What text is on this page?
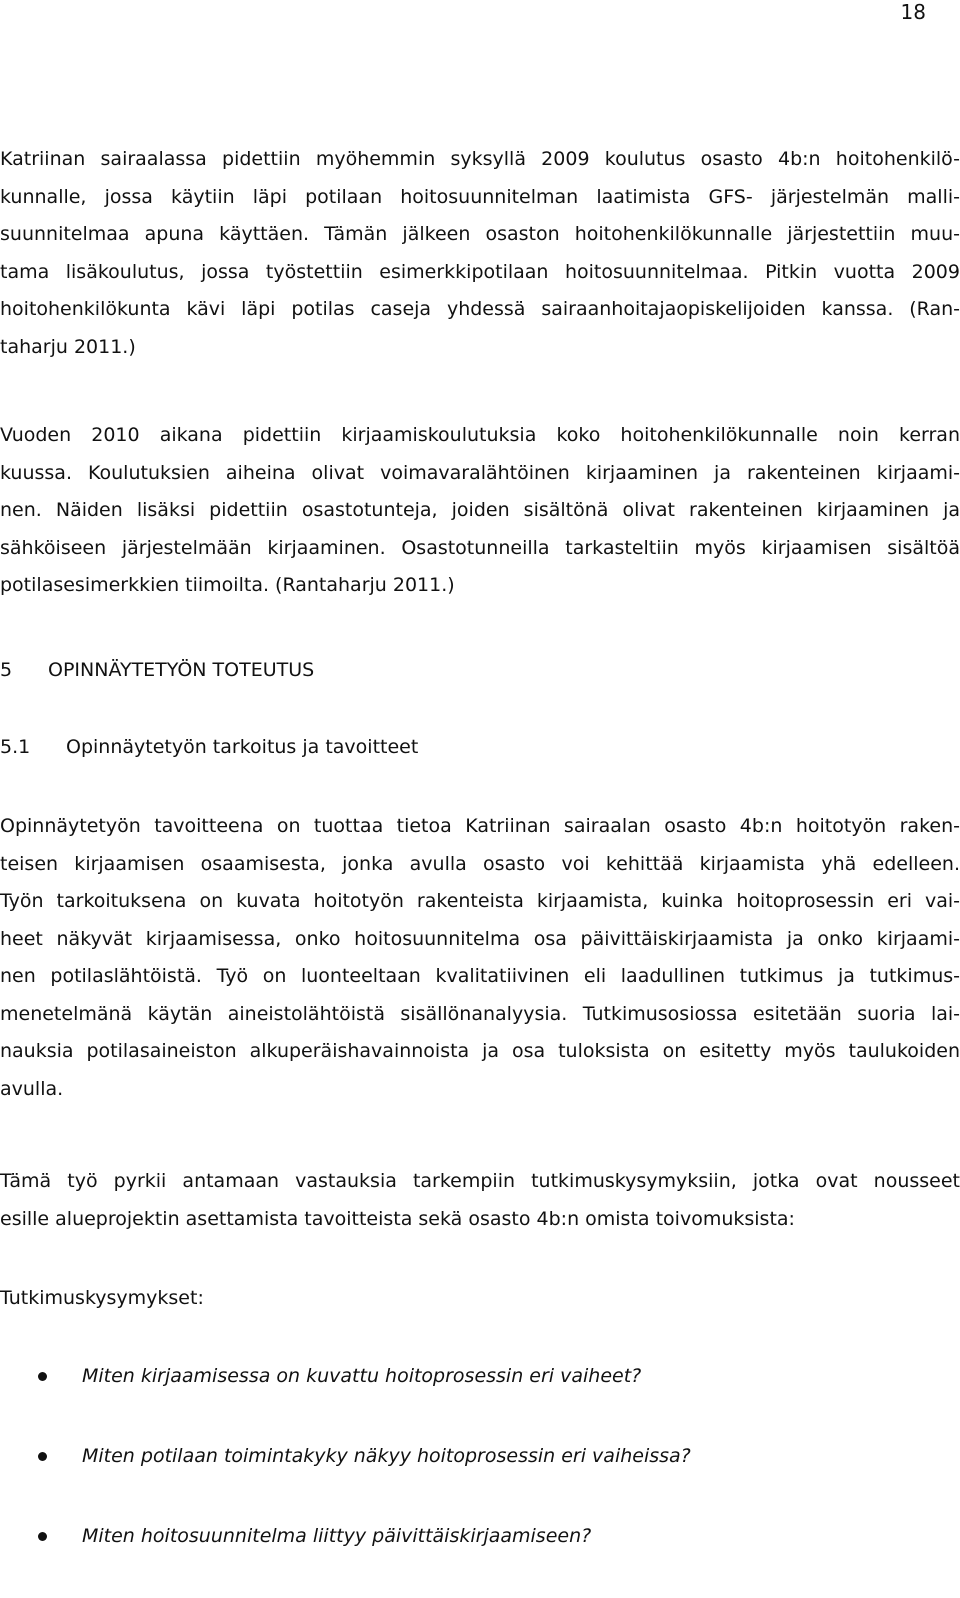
18

Katriinan sairaalassa pidettiin myöhemmin syksyllä 2009 koulutus osasto 4b:n hoitohenkilö-
kunnalle, jossa käytiin läpi potilaan hoitosuunnitelman laatimista GFS- järjestelmän malli-
suunnitelmaa apuna käyttäen. Tämän jälkeen osaston hoitohenkilökunnalle järjestettiin muu-
tama lisäkoulutus, jossa työstettiin esimerkkipotilaan hoitosuunnitelmaa. Pitkin vuotta 2009
hoitohenkilökunta kävi läpi potilas caseja yhdessä sairaanhoitajaopiskelijoiden kanssa. (Ran-
taharju 2011.)

Vuoden 2010 aikana pidettiin kirjaamiskoulutuksia koko hoitohenkilökunnalle noin kerran
kuussa. Koulutuksien aiheina olivat voimavaralähtöinen kirjaaminen ja rakenteinen kirjaami-
nen. Näiden lisäksi pidettiin osastotunteja, joiden sisältönä olivat rakenteinen kirjaaminen ja
sähköiseen järjestelmään kirjaaminen. Osastotunneilla tarkasteltiin myös kirjaamisen sisältöä
potilasesimerkkien tiimoilta. (Rantaharju 2011.)

5 OPINNÄYTETYÖN TOTEUTUS
5.1 Opinnäytetyön tarkoitus ja tavoitteet

Opinnäytetyön tavoitteena on tuottaa tietoa Katriinan sairaalan osasto 4b:n hoitotyön raken-
teisen kirjaamisen osaamisesta, jonka avulla osasto voi kehittää kirjaamista yhä edelleen.
Työn tarkoituksena on kuvata hoitotyön rakenteista kirjaamista, kuinka hoitoprosessin eri vai-
heet näkyvät kirjaamisessa, onko hoitosuunnitelma osa päivittäiskirjaamista ja onko kirjaami-
nen potilaslähtöistä. Työ on luonteeltaan kvalitatiivinen eli laadullinen tutkimus ja tutkimus-
menetelmänä käytän aineistolähtöistä sisällönanalyysia. Tutkimusosiossa esitetään suoria lai-
nauksia potilasaineiston alkuperäishavainnoista ja osa tuloksista on esitetty myös taulukoiden
avulla.

Tämä työ pyrkii antamaan vastauksia tarkempiin tutkimuskysymyksiin, jotka ovat nousseet
esille alueprojektin asettamista tavoitteista sekä osasto 4b:n omista toivomuksista:

Tutkimuskysymykset:

Miten kirjaamisessa on kuvattu hoitoprosessin eri vaiheet?
Miten potilaan toimintakyky näkyy hoitoprosessin eri vaiheissa?
Miten hoitosuunnitelma liittyy päivittäiskirjaamiseen?
